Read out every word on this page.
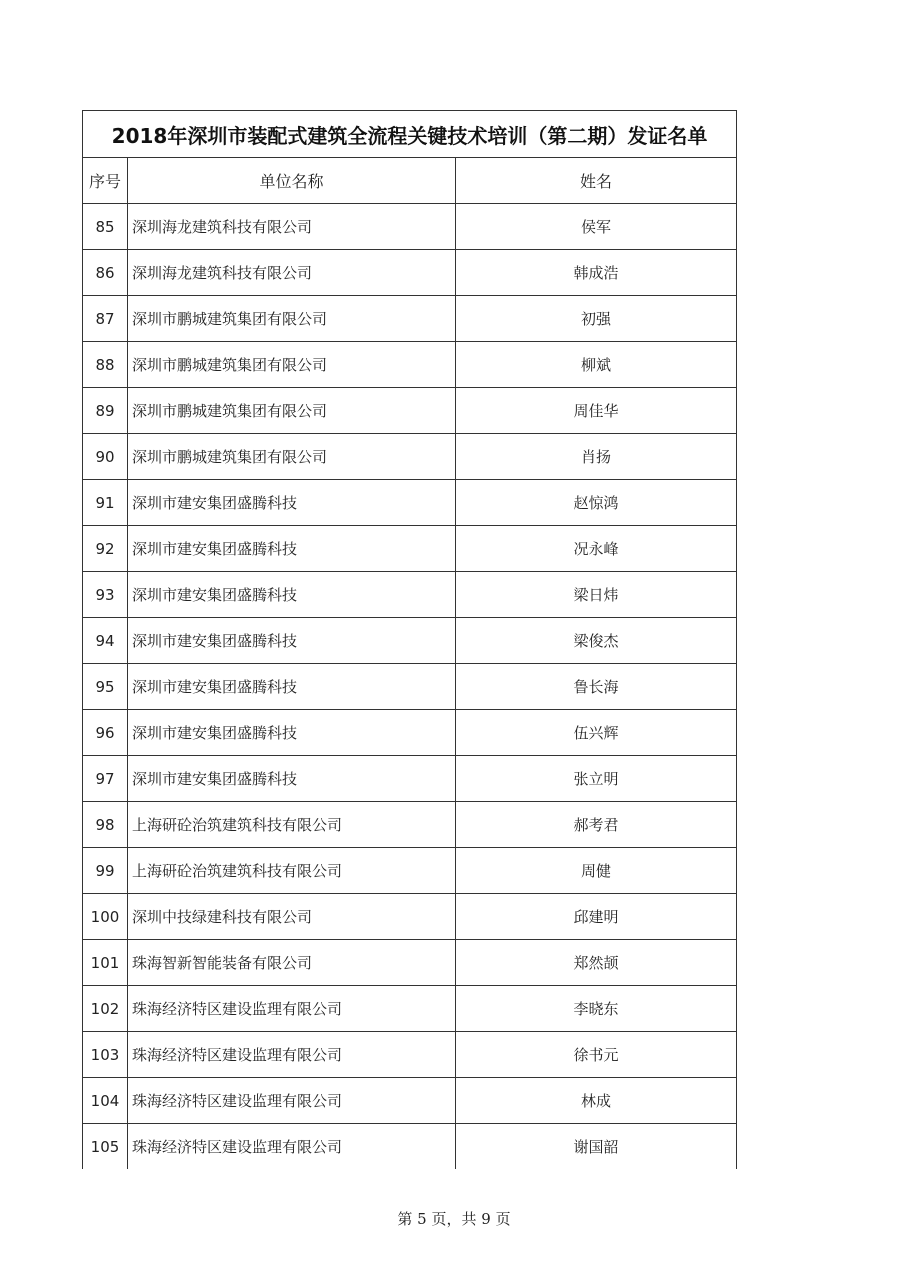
2018年深圳市装配式建筑全流程关键技术培训（第二期）发证名单		
序号	单位名称	姓名
85	深圳海龙建筑科技有限公司	侯军
86	深圳海龙建筑科技有限公司	韩成浩
87	深圳市鹏城建筑集团有限公司	初强
88	深圳市鹏城建筑集团有限公司	柳斌
89	深圳市鹏城建筑集团有限公司	周佳华
90	深圳市鹏城建筑集团有限公司	肖扬
91	深圳市建安集团盛腾科技	赵惊鸿
92	深圳市建安集团盛腾科技	况永峰
93	深圳市建安集团盛腾科技	梁日炜
94	深圳市建安集团盛腾科技	梁俊杰
95	深圳市建安集团盛腾科技	鲁长海
96	深圳市建安集团盛腾科技	伍兴辉
97	深圳市建安集团盛腾科技	张立明
98	上海研砼治筑建筑科技有限公司	郝考君
99	上海研砼治筑建筑科技有限公司	周健
100	深圳中技绿建科技有限公司	邱建明
101	珠海智新智能装备有限公司	郑然颉
102	珠海经济特区建设监理有限公司	李晓东
103	珠海经济特区建设监理有限公司	徐书元
104	珠海经济特区建设监理有限公司	林成
105	珠海经济特区建设监理有限公司	谢国韶
第 5 页，共 9 页
